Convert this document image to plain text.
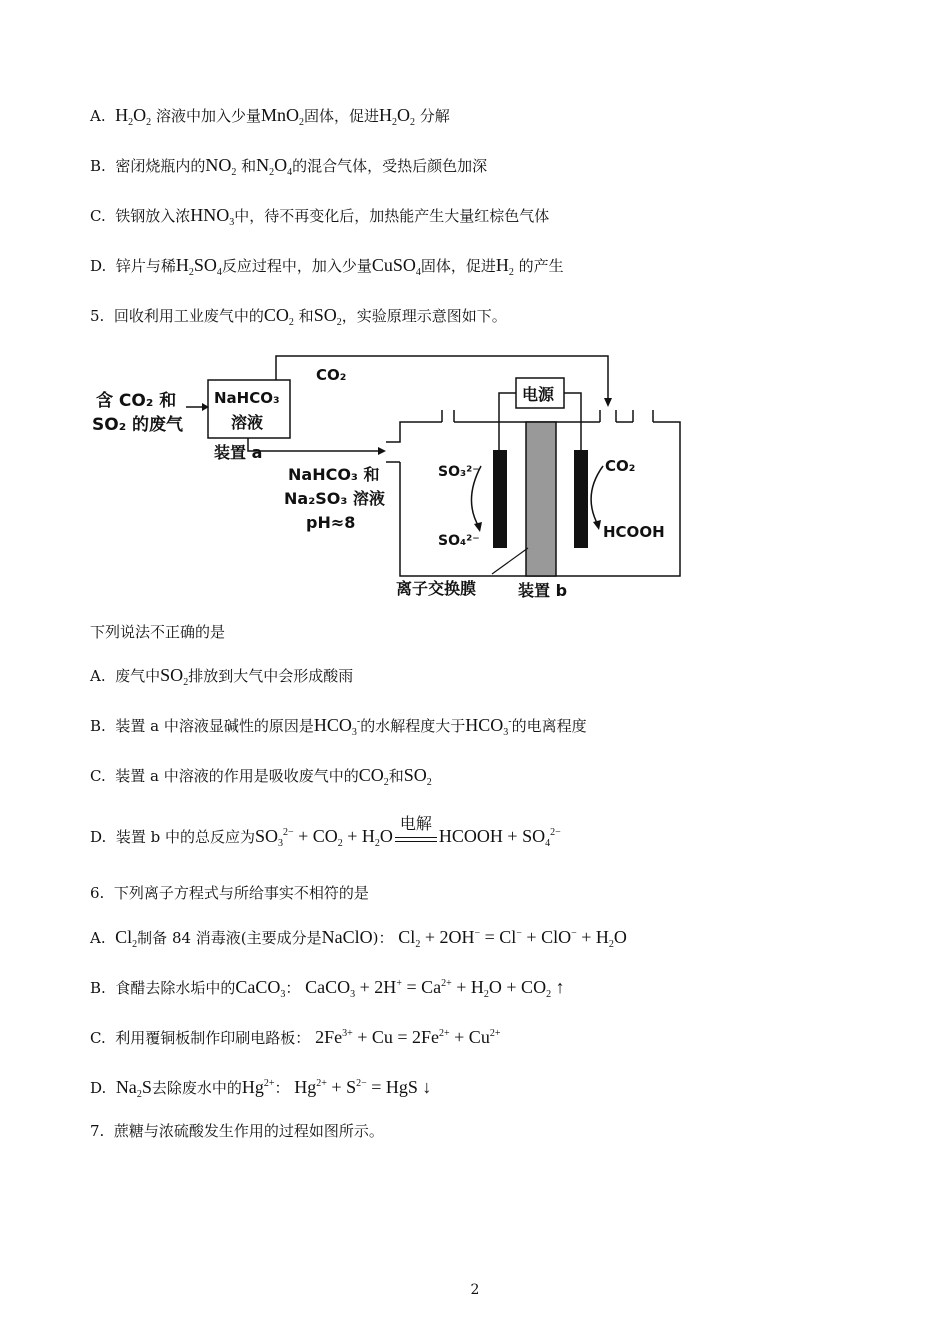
A. $H_2O_2$ 溶液中加入少量MnO$_2$固体，促进$H_2O_2$ 分解
B. 密闭烧瓶内的$NO_2$ 和$N_2O_4$的混合气体，受热后颜色加深
C. 铁钢放入浓$HNO_3$中，待不再变化后，加热能产生大量红棕色气体
D. 锌片与稀$H_2SO_4$反应过程中，加入少量CuSO$_4$固体，促进$H_2$ 的产生
5. 回收利用工业废气中的$CO_2$ 和$SO_2$，实验原理示意图如下。
含 CO₂ 和
SO₂ 的废气
NaHCO₃
溶液
装置 a
CO₂
NaHCO₃ 和
Na₂SO₃ 溶液
pH≈8
电源
SO₃²⁻
SO₄²⁻
CO₂
HCOOH
离子交换膜	装置 b
下列说法不正确的是
A. 废气中$SO_2$排放到大气中会形成酸雨
B. 装置 a 中溶液显碱性的原因是$HCO_3^-$的水解程度大于$HCO_3^-$的电离程度
C. 装置 a 中溶液的作用是吸收废气中的$CO_2$和$SO_2$
D. 装置 b 中的总反应为$SO_3^{2-} + CO_2 + H_2O$
电解
HCOOH + $SO_4^{2-}$
6. 下列离子方程式与所给事实不相符的是
A. $Cl_2$制备 84 消毒液(主要成分是NaClO)： $Cl_2 + 2OH^- = Cl^- + ClO^- + H_2O$
B. 食醋去除水垢中的CaCO$_3$： CaCO$_3$ + $2H^+ = Ca^{2+} + H_2O + CO_2$ ↑
C. 利用覆铜板制作印刷电路板： $2Fe^{3+} + Cu = 2Fe^{2+} + Cu^{2+}$
D. $Na_2S$去除废水中的$Hg^{2+}$： $Hg^{2+} + S^{2-}$ = HgS ↓
7. 蔗糖与浓硫酸发生作用的过程如图所示。
2
